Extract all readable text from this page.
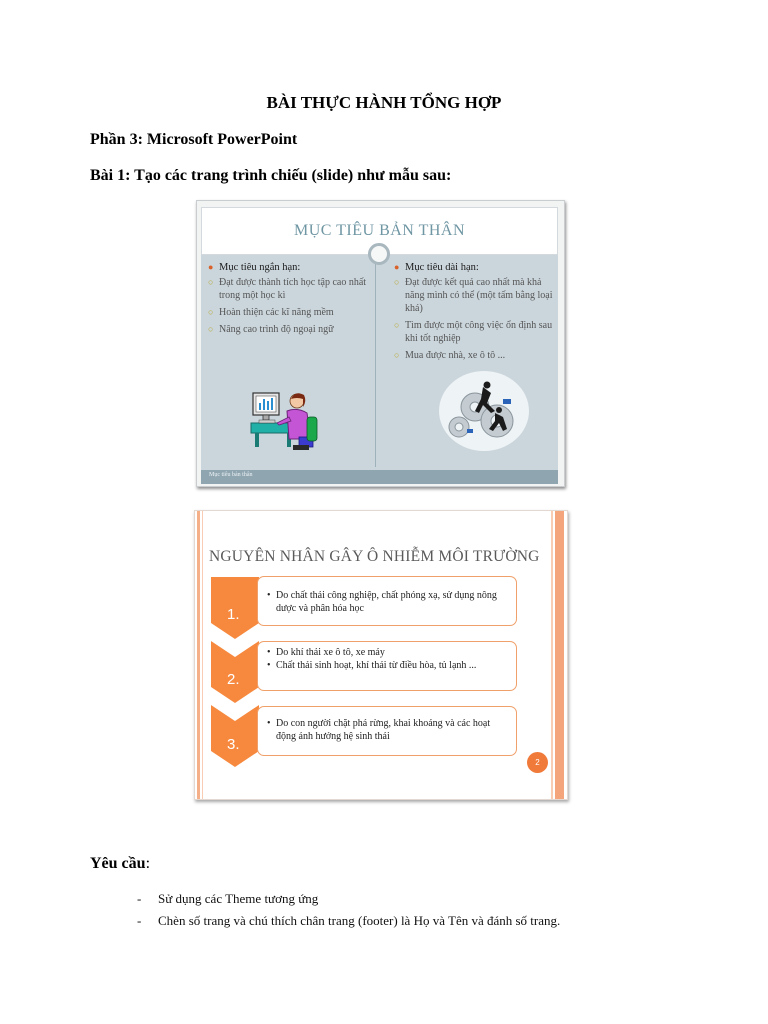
BÀI THỰC HÀNH TỔNG HỢP
Phần 3: Microsoft PowerPoint
Bài 1: Tạo các trang trình chiếu (slide) như mẫu sau:
MỤC TIÊU BẢN THÂN
● Mục tiêu ngắn hạn:
○ Đạt được thành tích học tập cao nhất trong một học kì
○ Hoàn thiện các kĩ năng mềm
○ Nâng cao trình độ ngoại ngữ
● Mục tiêu dài hạn:
○ Đạt được kết quả cao nhất mà khả năng mình có thể (một tấm bằng loại khá)
○ Tìm được một công việc ổn định sau khi tốt nghiệp
○ Mua được nhà, xe ô tô ...
Mục tiêu bản thân
NGUYÊN NHÂN GÂY Ô NHIỄM MÔI TRƯỜNG
1.
2.
3.
• Do chất thải công nghiệp, chất phóng xạ, sử dụng nông dược và phân hóa học
• Do khí thải xe ô tô, xe máy
• Chất thải sinh hoạt, khí thải từ điều hòa, tủ lạnh ...
• Do con người chặt phá rừng, khai khoáng và các hoạt động ảnh hưởng hệ sinh thái
2
Yêu cầu:
- Sử dụng các Theme tương ứng
- Chèn số trang và chú thích chân trang (footer) là Họ và Tên và đánh số trang.
